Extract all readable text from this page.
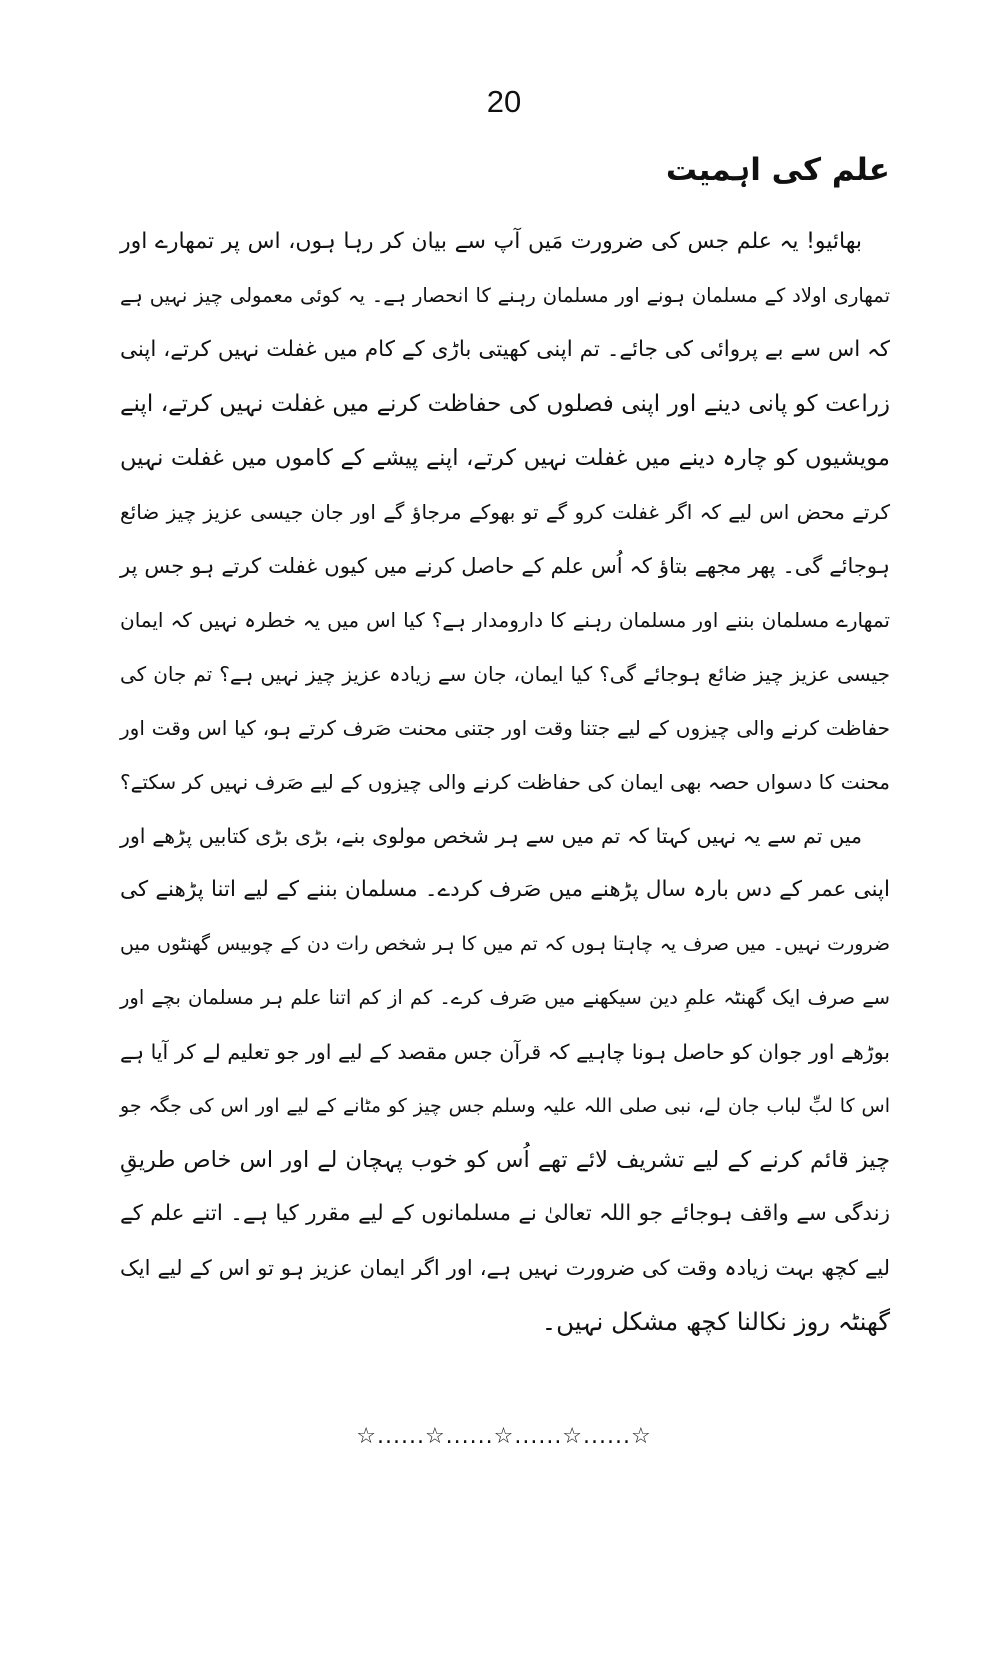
20
علم کی اہمیت
بھائیو! یہ علم جس کی ضرورت مَیں آپ سے بیان کر رہا ہوں، اس پر تمھارے اور
تمھاری اولاد کے مسلمان ہونے اور مسلمان رہنے کا انحصار ہے۔ یہ کوئی معمولی چیز نہیں ہے
کہ اس سے بے پروائی کی جائے۔ تم اپنی کھیتی باڑی کے کام میں غفلت نہیں کرتے، اپنی
زراعت کو پانی دینے اور اپنی فصلوں کی حفاظت کرنے میں غفلت نہیں کرتے، اپنے
مویشیوں کو چارہ دینے میں غفلت نہیں کرتے، اپنے پیشے کے کاموں میں غفلت نہیں
کرتے محض اس لیے کہ اگر غفلت کرو گے تو بھوکے مرجاؤ گے اور جان جیسی عزیز چیز ضائع
ہوجائے گی۔ پھر مجھے بتاؤ کہ اُس علم کے حاصل کرنے میں کیوں غفلت کرتے ہو جس پر
تمھارے مسلمان بننے اور مسلمان رہنے کا دارومدار ہے؟ کیا اس میں یہ خطرہ نہیں کہ ایمان
جیسی عزیز چیز ضائع ہوجائے گی؟ کیا ایمان، جان سے زیادہ عزیز چیز نہیں ہے؟ تم جان کی
حفاظت کرنے والی چیزوں کے لیے جتنا وقت اور جتنی محنت صَرف کرتے ہو، کیا اس وقت اور
محنت کا دسواں حصہ بھی ایمان کی حفاظت کرنے والی چیزوں کے لیے صَرف نہیں کر سکتے؟
میں تم سے یہ نہیں کہتا کہ تم میں سے ہر شخص مولوی بنے، بڑی بڑی کتابیں پڑھے اور
اپنی عمر کے دس بارہ سال پڑھنے میں صَرف کردے۔ مسلمان بننے کے لیے اتنا پڑھنے کی
ضرورت نہیں۔ میں صرف یہ چاہتا ہوں کہ تم میں کا ہر شخص رات دن کے چوبیس گھنٹوں میں
سے صرف ایک گھنٹہ علمِ دین سیکھنے میں صَرف کرے۔ کم از کم اتنا علم ہر مسلمان بچے اور
بوڑھے اور جوان کو حاصل ہونا چاہیے کہ قرآن جس مقصد کے لیے اور جو تعلیم لے کر آیا ہے
اس کا لبِّ لباب جان لے، نبی صلی اللہ علیہ وسلم جس چیز کو مٹانے کے لیے اور اس کی جگہ جو
چیز قائم کرنے کے لیے تشریف لائے تھے اُس کو خوب پہچان لے اور اس خاص طریقِ
زندگی سے واقف ہوجائے جو اللہ تعالیٰ نے مسلمانوں کے لیے مقرر کیا ہے۔ اتنے علم کے
لیے کچھ بہت زیادہ وقت کی ضرورت نہیں ہے، اور اگر ایمان عزیز ہو تو اس کے لیے ایک
گھنٹہ روز نکالنا کچھ مشکل نہیں۔
☆......☆......☆......☆......☆
